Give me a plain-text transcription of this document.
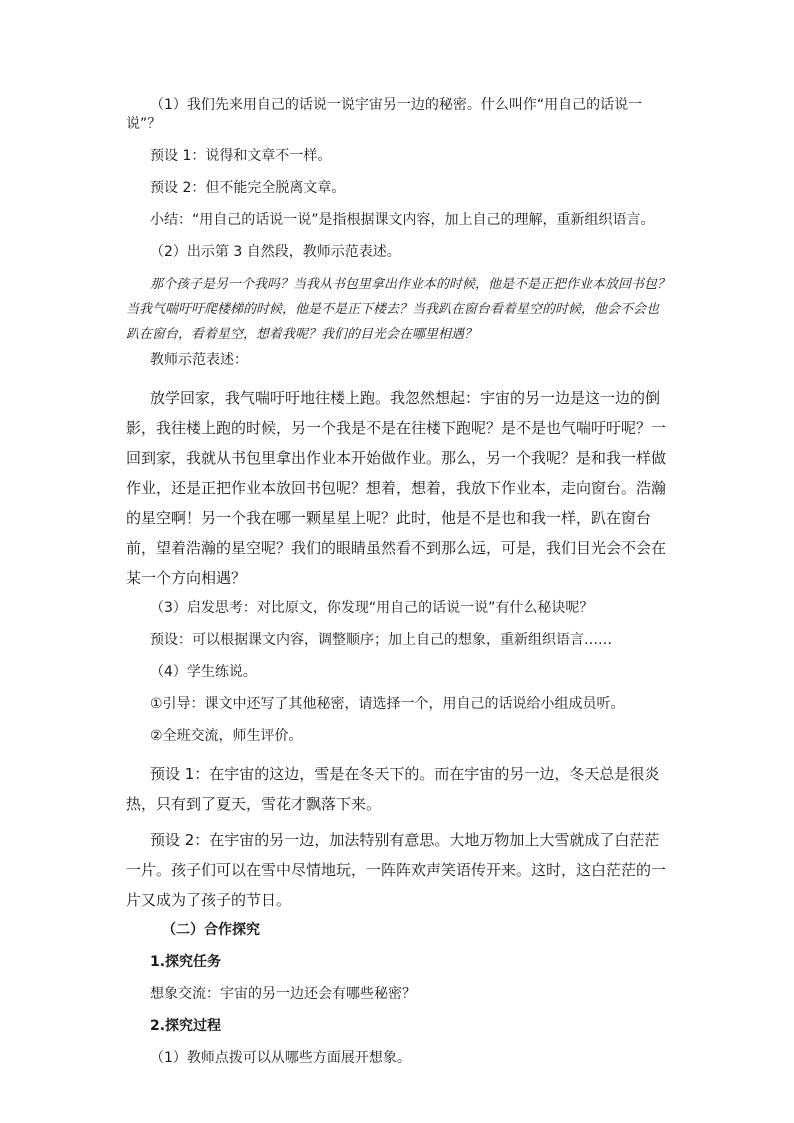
（1）我们先来用自己的话说一说宇宙另一边的秘密。什么叫作“用自己的话说一说”？

预设 1：说得和文章不一样。

预设 2：但不能完全脱离文章。

小结：“用自己的话说一说”是指根据课文内容，加上自己的理解，重新组织语言。

（2）出示第 3 自然段，教师示范表述。

那个孩子是另一个我吗？当我从书包里拿出作业本的时候，他是不是正把作业本放回书包？当我气喘吁吁爬楼梯的时候，他是不是正下楼去？当我趴在窗台看着星空的时候，他会不会也趴在窗台，看着星空，想着我呢？我们的目光会在哪里相遇？

教师示范表述：

放学回家，我气喘吁吁地往楼上跑。我忽然想起：宇宙的另一边是这一边的倒影，我往楼上跑的时候，另一个我是不是在往楼下跑呢？是不是也气喘吁吁呢？一回到家，我就从书包里拿出作业本开始做作业。那么，另一个我呢？是和我一样做作业，还是正把作业本放回书包呢？想着，想着，我放下作业本，走向窗台。浩瀚的星空啊！另一个我在哪一颗星星上呢？此时，他是不是也和我一样，趴在窗台前，望着浩瀚的星空呢？我们的眼睛虽然看不到那么远，可是，我们目光会不会在某一个方向相遇？

（3）启发思考：对比原文，你发现“用自己的话说一说”有什么秘诀呢？

预设：可以根据课文内容，调整顺序；加上自己的想象，重新组织语言……

（4）学生练说。

①引导：课文中还写了其他秘密，请选择一个，用自己的话说给小组成员听。

②全班交流，师生评价。

预设 1：在宇宙的这边，雪是在冬天下的。而在宇宙的另一边，冬天总是很炎热，只有到了夏天，雪花才飘落下来。

预设 2：在宇宙的另一边，加法特别有意思。大地万物加上大雪就成了白茫茫一片。孩子们可以在雪中尽情地玩，一阵阵欢声笑语传开来。这时，这白茫茫的一片又成为了孩子的节日。

（二）合作探究

1.探究任务

想象交流：宇宙的另一边还会有哪些秘密？

2.探究过程

（1）教师点拨可以从哪些方面展开想象。
